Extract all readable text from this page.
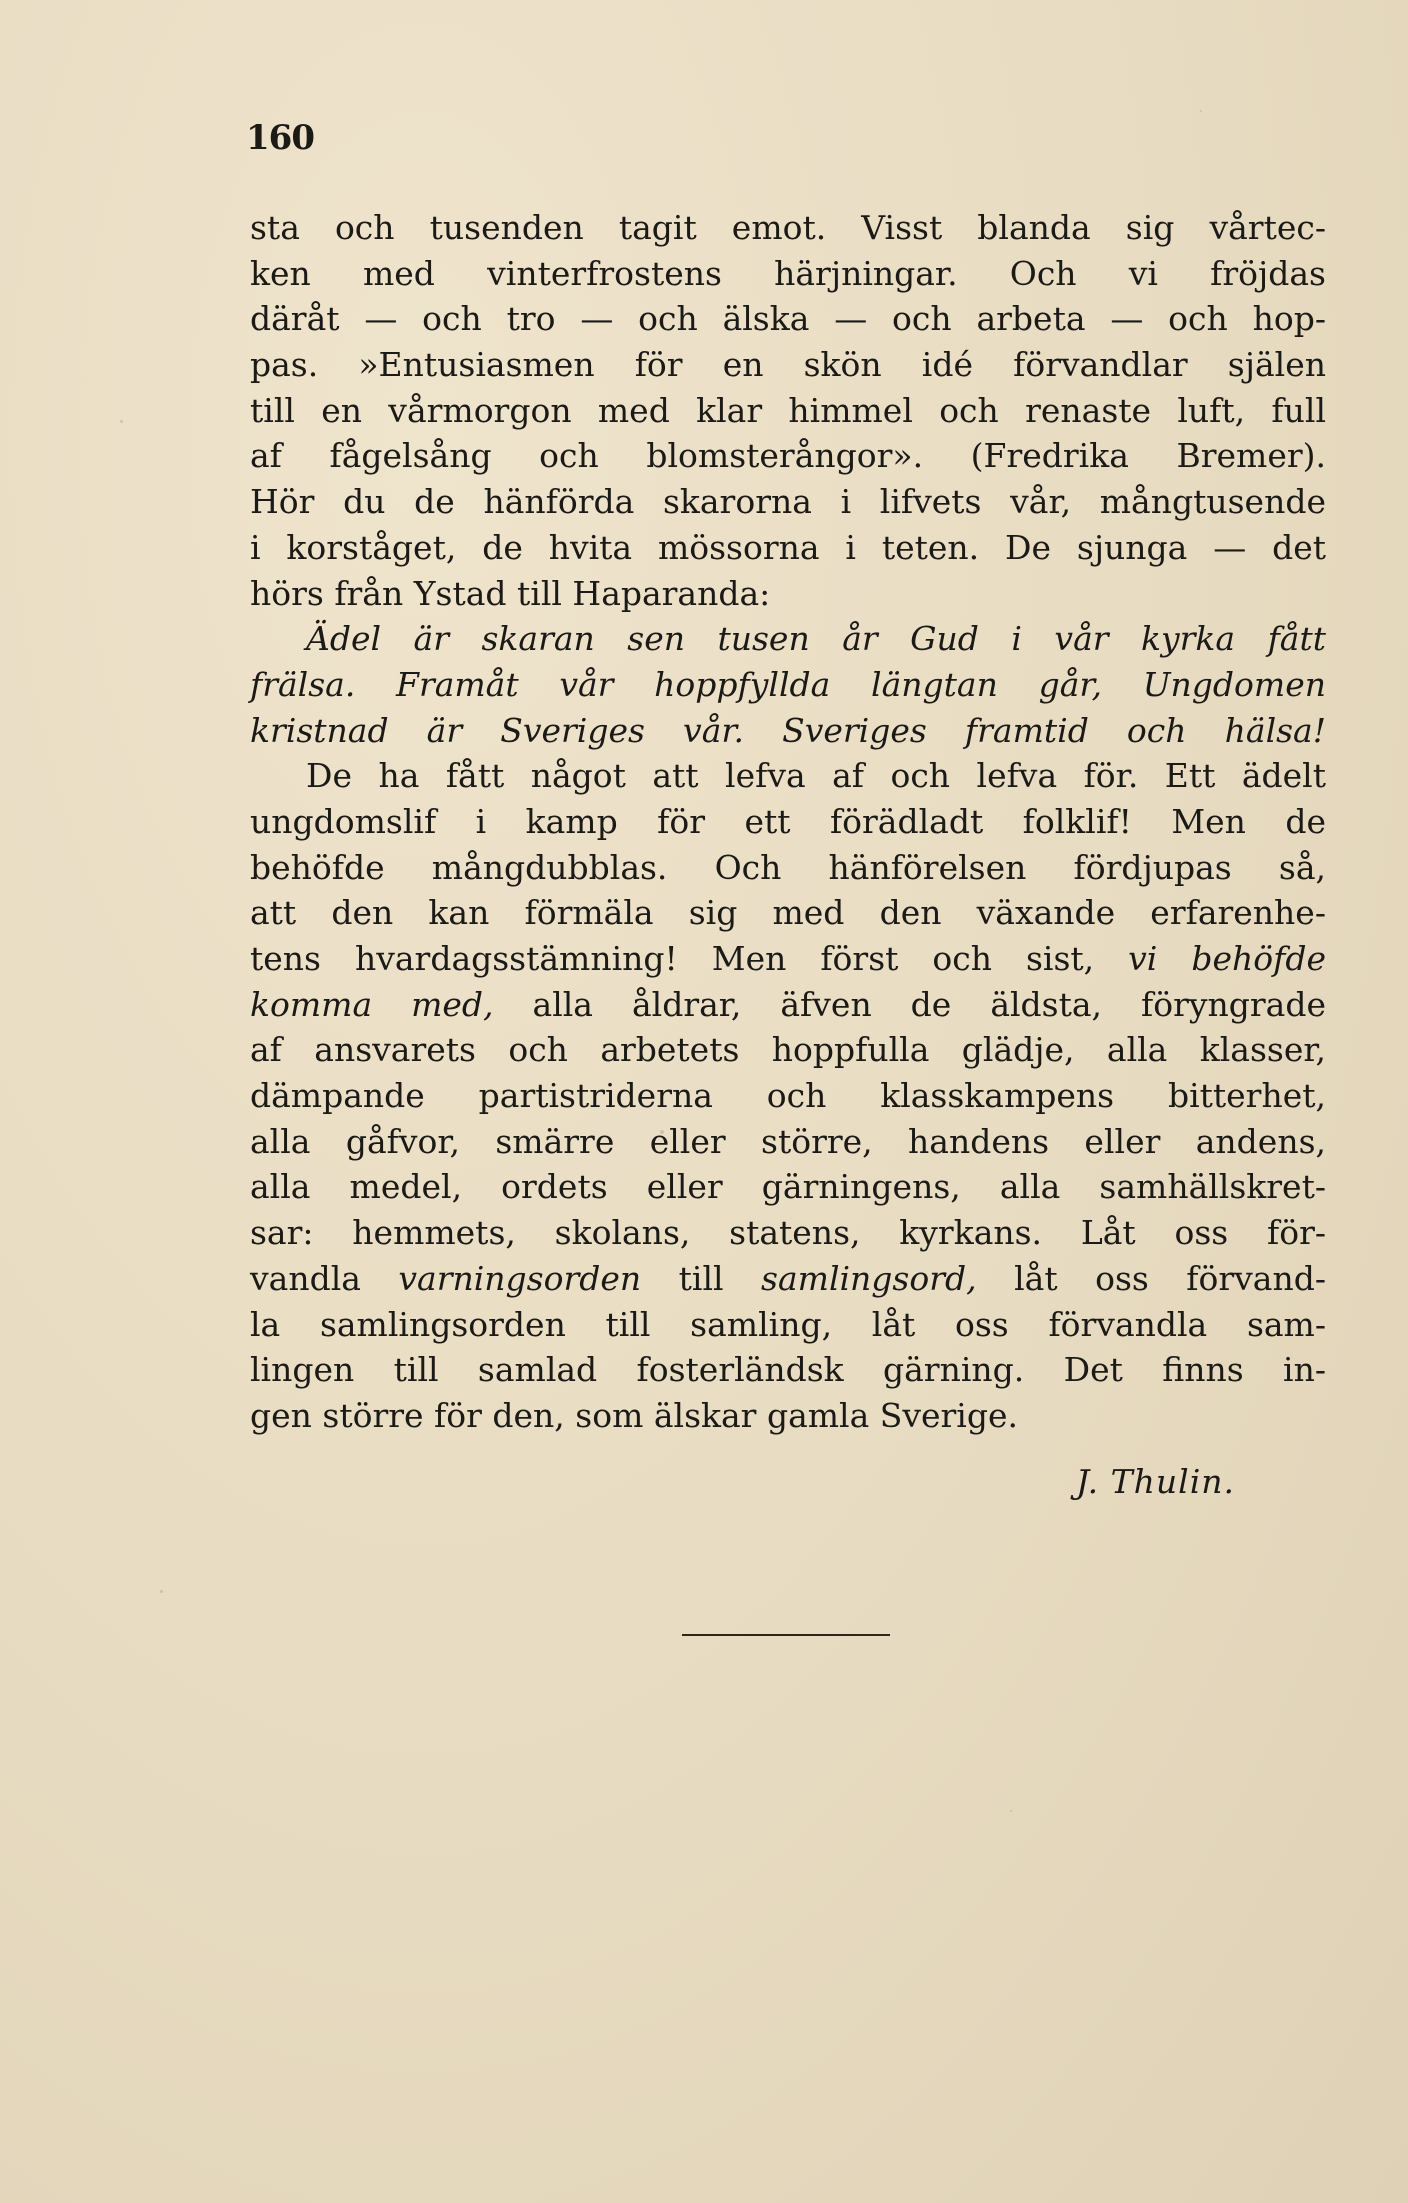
160
sta och tusenden tagit emot. Visst blanda sig vårtec-
ken med vinterfrostens härjningar. Och vi fröjdas
däråt — och tro — och älska — och arbeta — och hop-
pas. »Entusiasmen för en skön idé förvandlar själen
till en vårmorgon med klar himmel och renaste luft, full
af fågelsång och blomsterångor». (Fredrika Bremer).
Hör du de hänförda skarorna i lifvets vår, mångtusende
i korståget, de hvita mössorna i teten. De sjunga — det
hörs från Ystad till Haparanda:
Ädel är skaran sen tusen år Gud i vår kyrka fått
frälsa. Framåt vår hoppfyllda längtan går, Ungdomen
kristnad är Sveriges vår. Sveriges framtid och hälsa!
De ha fått något att lefva af och lefva för. Ett ädelt
ungdomslif i kamp för ett förädladt folklif! Men de
behöfde mångdubblas. Och hänförelsen fördjupas så,
att den kan förmäla sig med den växande erfarenhe-
tens hvardagsstämning! Men först och sist, vi behöfde
komma med, alla åldrar, äfven de äldsta, föryngrade
af ansvarets och arbetets hoppfulla glädje, alla klasser,
dämpande partistriderna och klasskampens bitterhet,
alla gåfvor, smärre eller större, handens eller andens,
alla medel, ordets eller gärningens, alla samhällskret-
sar: hemmets, skolans, statens, kyrkans. Låt oss för-
vandla varningsorden till samlingsord, låt oss förvand-
la samlingsorden till samling, låt oss förvandla sam-
lingen till samlad fosterländsk gärning. Det finns in-
gen större för den, som älskar gamla Sverige.
J. Thulin.
